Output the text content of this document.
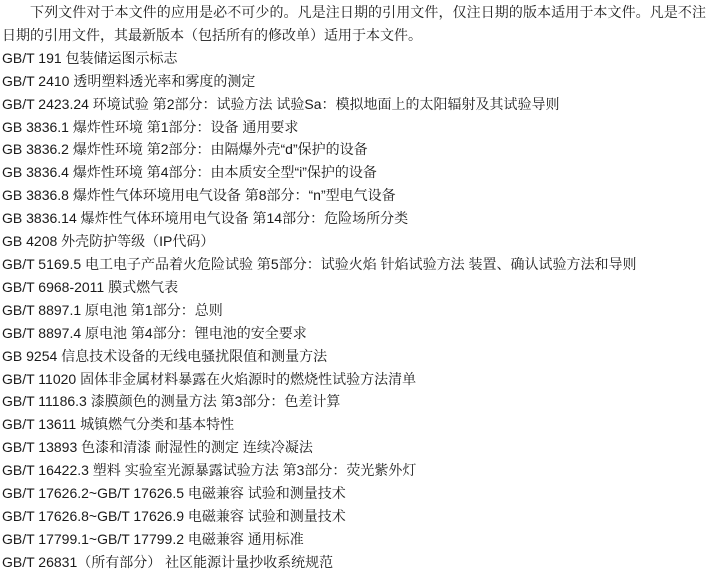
下列文件对于本文件的应用是必不可少的。凡是注日期的引用文件，仅注日期的版本适用于本文件。凡是不注日期的引用文件，其最新版本（包括所有的修改单）适用于本文件。

GB/T 191 包装储运图示标志
GB/T 2410 透明塑料透光率和雾度的测定
GB/T 2423.24 环境试验 第2部分：试验方法 试验Sa：模拟地面上的太阳辐射及其试验导则
GB 3836.1 爆炸性环境 第1部分：设备 通用要求
GB 3836.2 爆炸性环境 第2部分：由隔爆外壳“d”保护的设备
GB 3836.4 爆炸性环境 第4部分：由本质安全型“i”保护的设备
GB 3836.8 爆炸性气体环境用电气设备 第8部分：“n”型电气设备
GB 3836.14 爆炸性气体环境用电气设备 第14部分：危险场所分类
GB 4208 外壳防护等级（IP代码）
GB/T 5169.5 电工电子产品着火危险试验 第5部分：试验火焰 针焰试验方法 装置、确认试验方法和导则
GB/T 6968-2011 膜式燃气表
GB/T 8897.1 原电池 第1部分：总则
GB/T 8897.4 原电池 第4部分：锂电池的安全要求
GB 9254 信息技术设备的无线电骚扰限值和测量方法
GB/T 11020 固体非金属材料暴露在火焰源时的燃烧性试验方法清单
GB/T 11186.3 漆膜颜色的测量方法 第3部分：色差计算
GB/T 13611 城镇燃气分类和基本特性
GB/T 13893 色漆和清漆 耐湿性的测定 连续冷凝法
GB/T 16422.3 塑料 实验室光源暴露试验方法 第3部分：荧光紫外灯
GB/T 17626.2~GB/T 17626.5 电磁兼容 试验和测量技术
GB/T 17626.8~GB/T 17626.9 电磁兼容 试验和测量技术
GB/T 17799.1~GB/T 17799.2 电磁兼容 通用标准
GB/T 26831（所有部分） 社区能源计量抄收系统规范
